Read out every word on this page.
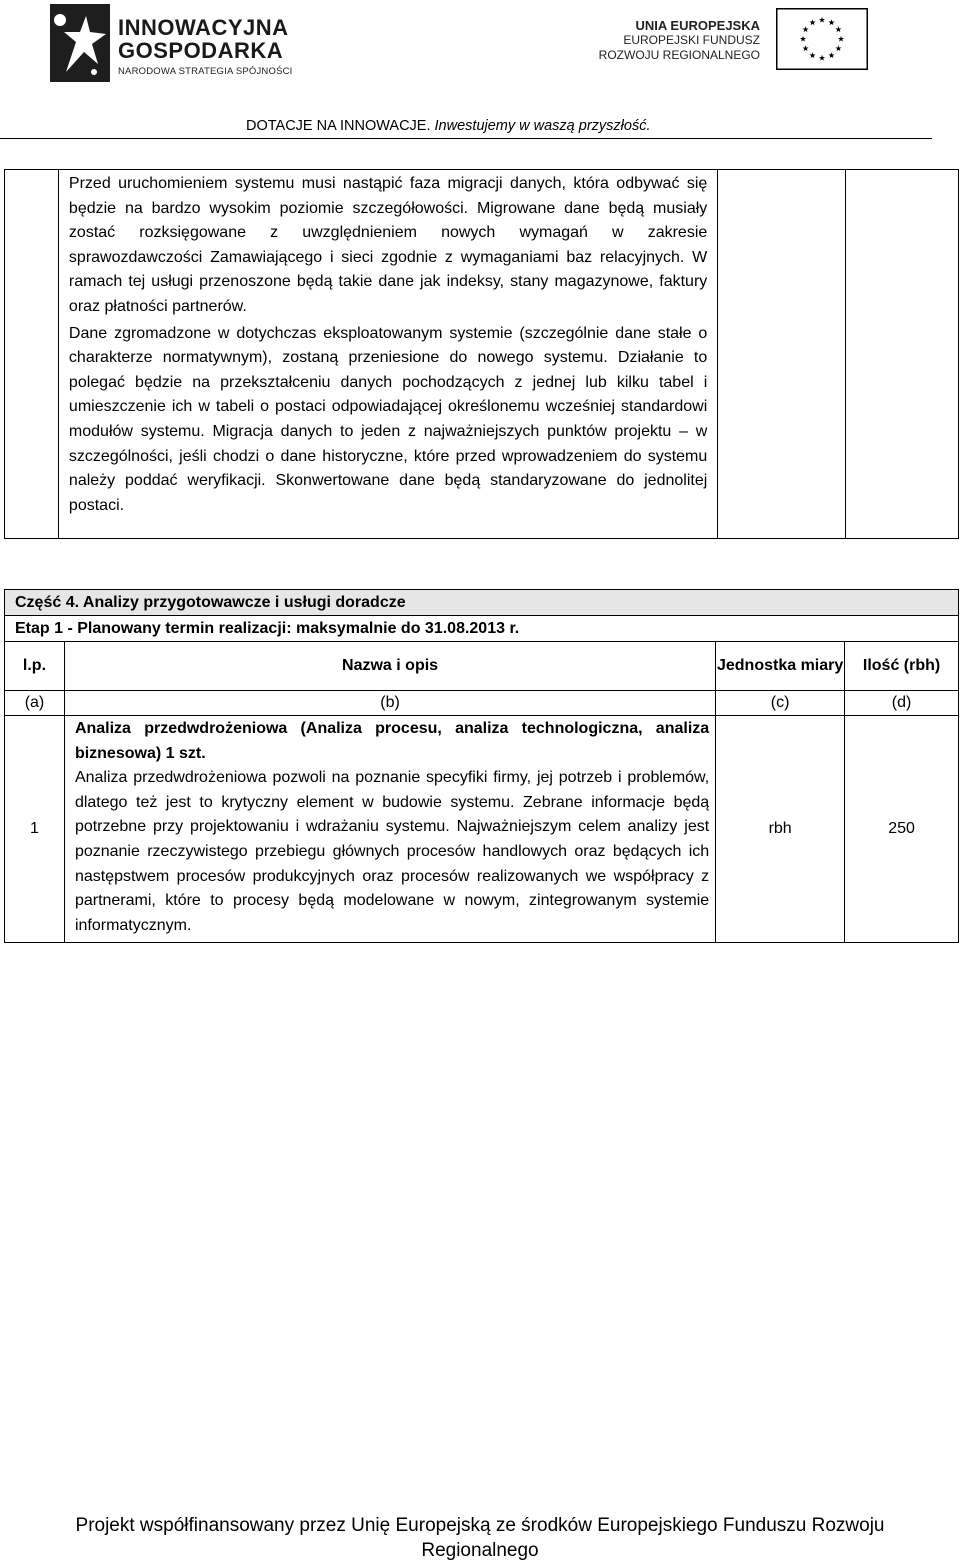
INNOWACYJNA
GOSPODARKA
NARODOWA STRATEGIA SPÓJNOŚCI
UNIA EUROPEJSKA
EUROPEJSKI FUNDUSZ
ROZWOJU REGIONALNEGO
DOTACJE NA INNOWACJE. Inwestujemy w waszą przyszłość.

Przed uruchomieniem systemu musi nastąpić faza migracji danych, która odbywać się będzie na bardzo wysokim poziomie szczegółowości. Migrowane dane będą musiały zostać rozksięgowane z uwzględnieniem nowych wymagań w zakresie sprawozdawczości Zamawiającego i sieci zgodnie z wymaganiami baz relacyjnych. W ramach tej usługi przenoszone będą takie dane jak indeksy, stany magazynowe, faktury oraz płatności partnerów.

Dane zgromadzone w dotychczas eksploatowanym systemie (szczególnie dane stałe o charakterze normatywnym), zostaną przeniesione do nowego systemu. Działanie to polegać będzie na przekształceniu danych pochodzących z jednej lub kilku tabel i umieszczenie ich w tabeli o postaci odpowiadającej określonemu wcześniej standardowi modułów systemu. Migracja danych to jeden z najważniejszych punktów projektu – w szczególności, jeśli chodzi o dane historyczne, które przed wprowadzeniem do systemu należy poddać weryfikacji. Skonwertowane dane będą standaryzowane do jednolitej postaci.

Część 4. Analizy przygotowawcze i usługi doradcze			
Etap 1 - Planowany termin realizacji: maksymalnie do 31.08.2013 r.			
l.p.	Nazwa i opis	Jednostka miary	Ilość (rbh)
(a)	(b)	(c)	(d)
1	Analiza przedwdrożeniowa (Analiza procesu, analiza technologiczna, analiza biznesowa) 1 szt.

Analiza przedwdrożeniowa pozwoli na poznanie specyfiki firmy, jej potrzeb i problemów, dlatego też jest to krytyczny element w budowie systemu. Zebrane informacje będą potrzebne przy projektowaniu i wdrażaniu systemu. Najważniejszym celem analizy jest poznanie rzeczywistego przebiegu głównych procesów handlowych oraz będących ich następstwem procesów produkcyjnych oraz procesów realizowanych we współpracy z partnerami, które to procesy będą modelowane w nowym, zintegrowanym systemie informatycznym.	rbh	250
Projekt współfinansowany przez Unię Europejską ze środków Europejskiego Funduszu Rozwoju Regionalnego
